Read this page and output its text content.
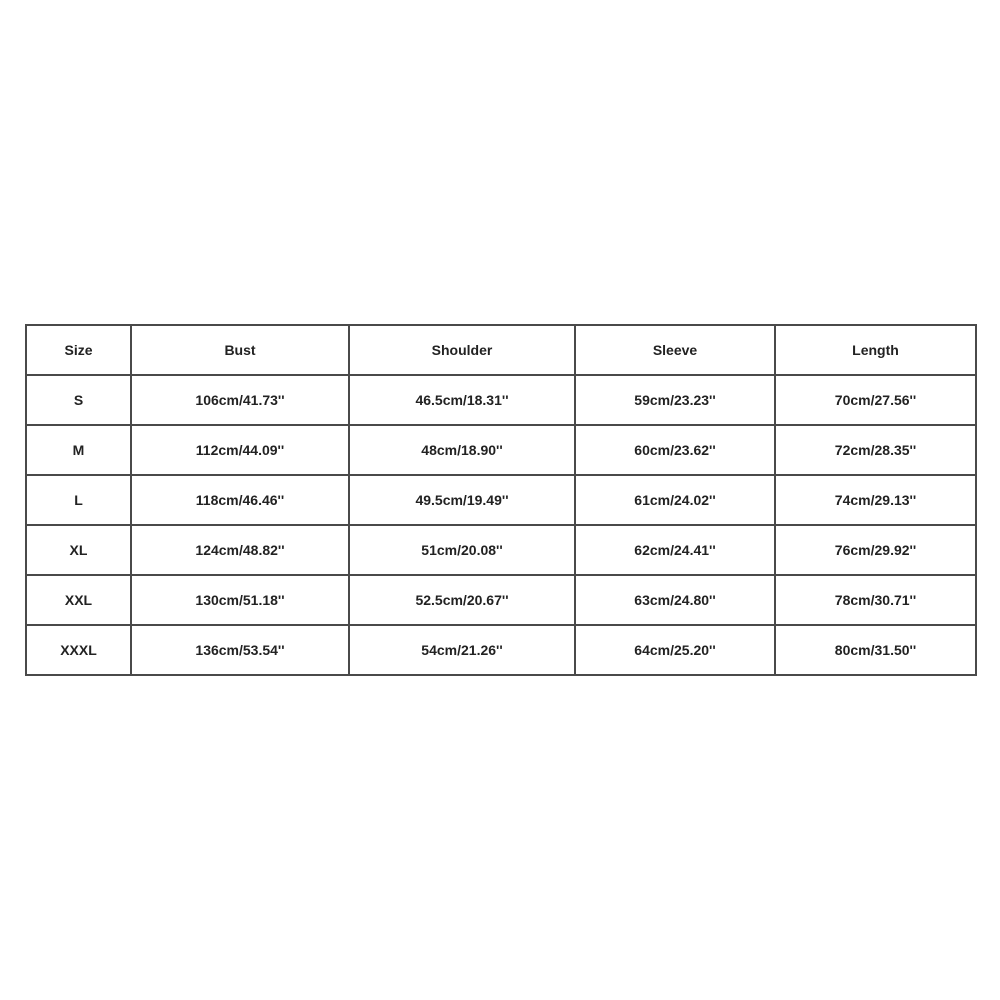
Size	Bust	Shoulder	Sleeve	Length
S	106cm/41.73''	46.5cm/18.31''	59cm/23.23''	70cm/27.56''
M	112cm/44.09''	48cm/18.90''	60cm/23.62''	72cm/28.35''
L	118cm/46.46''	49.5cm/19.49''	61cm/24.02''	74cm/29.13''
XL	124cm/48.82''	51cm/20.08''	62cm/24.41''	76cm/29.92''
XXL	130cm/51.18''	52.5cm/20.67''	63cm/24.80''	78cm/30.71''
XXXL	136cm/53.54''	54cm/21.26''	64cm/25.20''	80cm/31.50''
